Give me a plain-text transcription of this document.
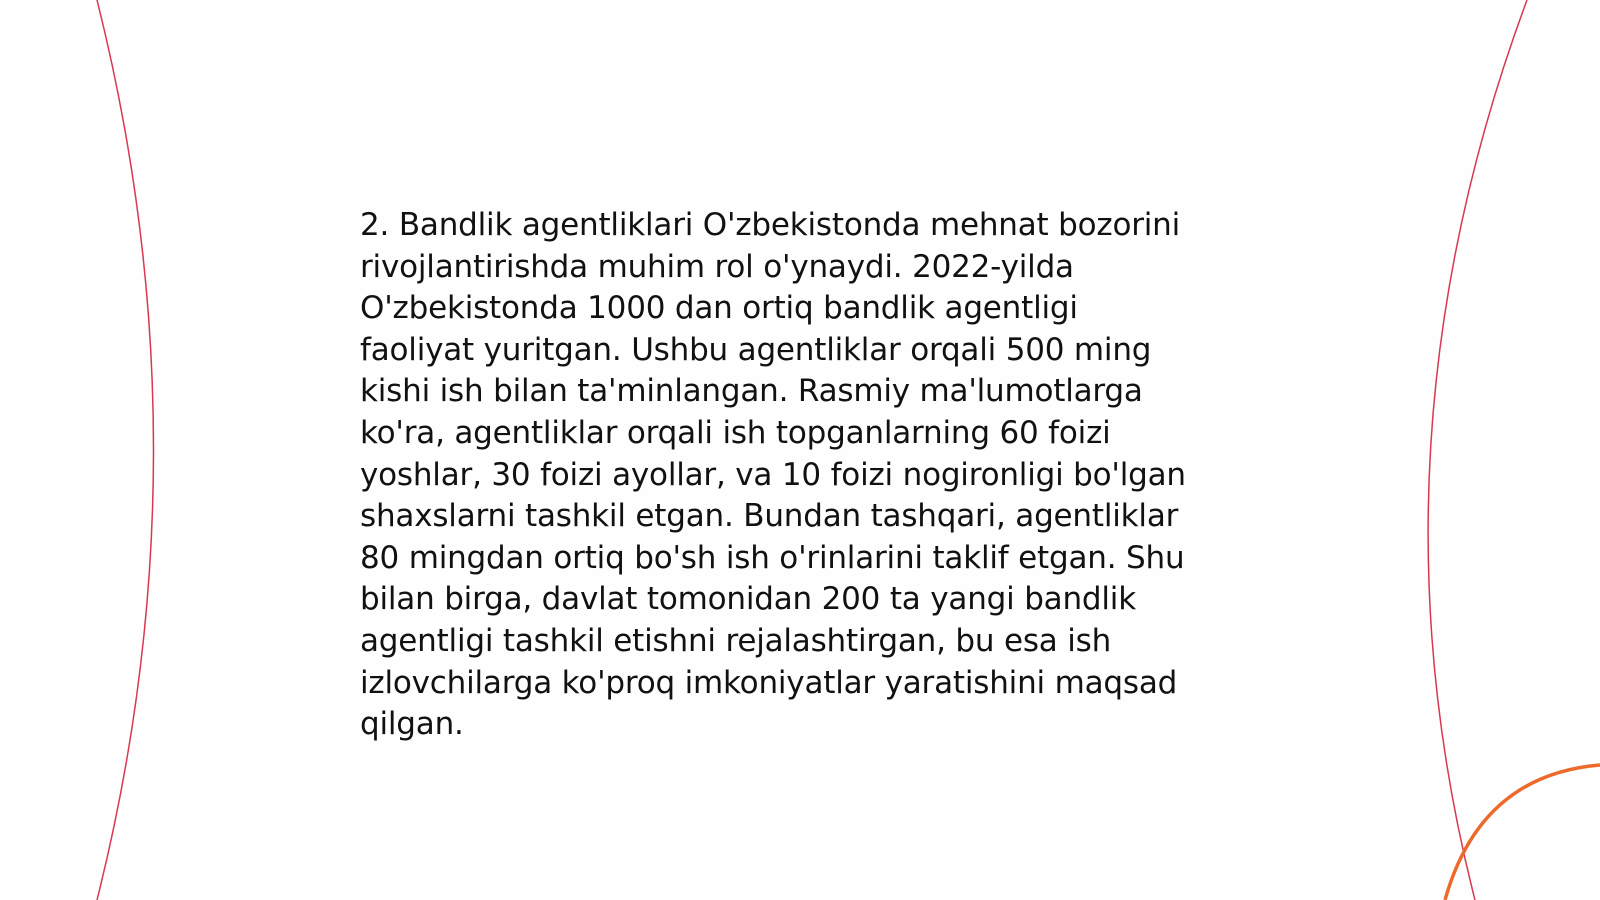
2. Bandlik agentliklari O'zbekistonda mehnat bozorini
rivojlantirishda muhim rol o'ynaydi. 2022-yilda
O'zbekistonda 1000 dan ortiq bandlik agentligi
faoliyat yuritgan. Ushbu agentliklar orqali 500 ming
kishi ish bilan ta'minlangan. Rasmiy ma'lumotlarga
ko'ra, agentliklar orqali ish topganlarning 60 foizi
yoshlar, 30 foizi ayollar, va 10 foizi nogironligi bo'lgan
shaxslarni tashkil etgan. Bundan tashqari, agentliklar
80 mingdan ortiq bo'sh ish o'rinlarini taklif etgan. Shu
bilan birga, davlat tomonidan 200 ta yangi bandlik
agentligi tashkil etishni rejalashtirgan, bu esa ish
izlovchilarga ko'proq imkoniyatlar yaratishini maqsad
qilgan.
